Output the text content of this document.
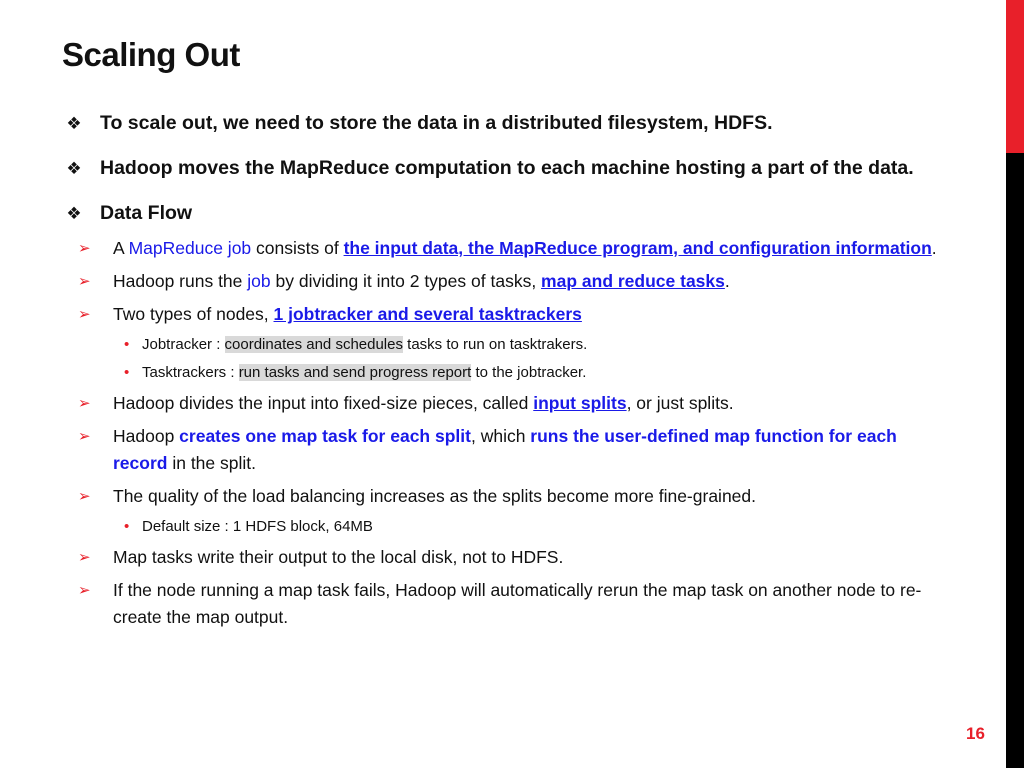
Scaling Out
❖ To scale out, we need to store the data in a distributed filesystem, HDFS.
❖ Hadoop moves the MapReduce computation to each machine hosting a part of the data.
❖ Data Flow
➢ A MapReduce job consists of the input data, the MapReduce program, and configuration information.
➢ Hadoop runs the job by dividing it into 2 types of tasks, map and reduce tasks.
➢ Two types of nodes, 1 jobtracker and several tasktrackers
• Jobtracker : coordinates and schedules tasks to run on tasktrakers.
• Tasktrackers : run tasks and send progress report to the jobtracker.
➢ Hadoop divides the input into fixed-size pieces, called input splits, or just splits.
➢ Hadoop creates one map task for each split, which runs the user-defined map function for each record in the split.
➢ The quality of the load balancing increases as the splits become more fine-grained.
• Default size : 1 HDFS block, 64MB
➢ Map tasks write their output to the local disk, not to HDFS.
➢ If the node running a map task fails, Hadoop will automatically rerun the map task on another node to re-create the map output.
16
